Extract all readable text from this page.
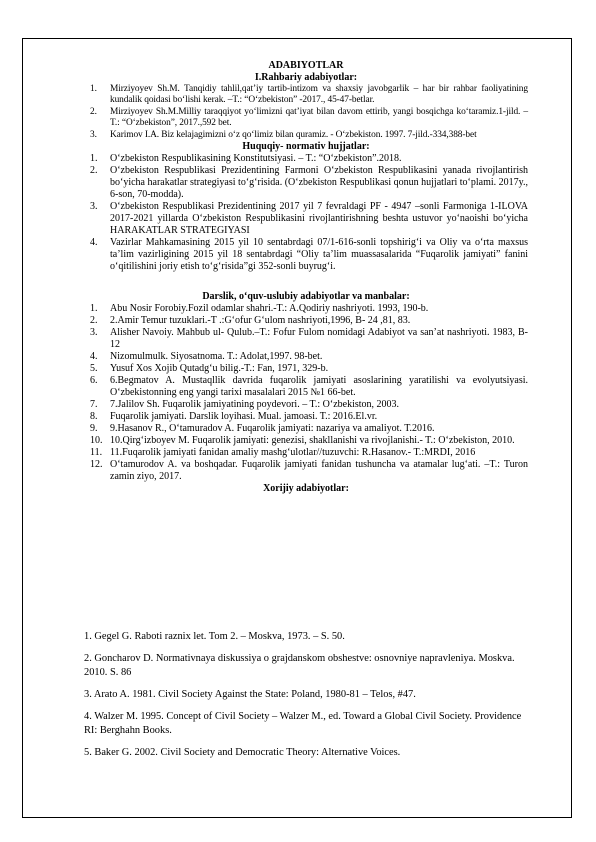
ADABIYOTLAR
I.Rahbariy adabiyotlar:
1. Mirziyoyev Sh.M. Tanqidiy tahlil,qat’iy tartib-intizom va shaxsiy javobgarlik – har bir rahbar faoliyatining kundalik qoidasi bo‘lishi kerak. –T.: “O‘zbekiston” -2017., 45-47-betlar.
2. Mirziyoyev Sh.M.Milliy taraqqiyot yo‘limizni qat’iyat bilan davom ettirib, yangi bosqichga ko‘taramiz.1-jild. – T.: “O‘zbekiston”, 2017.,592 bet.
3. Karimov I.A. Biz kelajagimizni o‘z qo‘limiz bilan quramiz. - O‘zbekiston. 1997. 7-jild.-334,388-bet
Huquqiy- normativ hujjatlar:
1. O‘zbekiston Respublikasining Konstitutsiyasi. – T.: “O‘zbekiston”.2018.
2. O‘zbekiston Respublikasi Prezidentining Farmoni O‘zbekiston Respublikasini yanada rivojlantirish bo‘yicha harakatlar strategiyasi to‘g‘risida. (O‘zbekiston Respublikasi qonun hujjatlari to‘plami. 2017y., 6-son, 70-modda).
3. O‘zbekiston Respublikasi Prezidentining 2017 yil 7 fevraldagi PF - 4947 –sonli Farmoniga 1-ILOVA 2017-2021 yillarda O‘zbekiston Respublikasini rivojlantirishning beshta ustuvor yo‘naoishi bo‘yicha HARAKATLAR STRATEGIYASI
4. Vazirlar Mahkamasining 2015 yil 10 sentabrdagi 07/1-616-sonli topshirig‘i va Oliy va o‘rta maxsus ta’lim vazirligining 2015 yil 18 sentabrdagi “Oliy ta’lim muassasalarida “Fuqarolik jamiyati” fanini o‘qitilishini joriy etish to‘g‘risida”gi 352-sonli buyrug‘i.
Darslik, o‘quv-uslubiy adabiyotlar va manbalar:
1. Abu Nosir Forobiy.Fozil odamlar shahri.-T.: A.Qodiriy nashriyoti. 1993, 190-b.
2. 2.Amir Temur tuzuklari.-T .:G‘ofur G‘ulom nashriyoti,1996, B- 24 ,81, 83.
3. Alisher Navoiy. Mahbub ul- Qulub.–T.: Fofur Fulom nomidagi Adabiyot va san’at nashriyoti. 1983, B-12
4. Nizomulmulk. Siyosatnoma. T.: Adolat,1997. 98-bet.
5. Yusuf Xos Xojib Qutadg‘u bilig.-T.: Fan, 1971, 329-b.
6. 6.Begmatov A. Mustaqllik davrida fuqarolik jamiyati asoslarining yaratilishi va evolyutsiyasi. O‘zbekistonning eng yangi tarixi masalalari 2015 №1 66-bet.
7. 7.Jalilov Sh. Fuqarolik jamiyatining poydevori. – T.: O‘zbekiston, 2003.
8. Fuqarolik jamiyati. Darslik loyihasi. Mual. jamoasi. T.: 2016.El.vr.
9. 9.Hasanov R., O‘tamuradov A. Fuqarolik jamiyati: nazariya va amaliyot. T.2016.
10. 10.Qirg‘izboyev M. Fuqarolik jamiyati: genezisi, shakllanishi va rivojlanishi.- T.: O‘zbekiston, 2010.
11. 11.Fuqarolik jamiyati fanidan amaliy mashg‘ulotlar//tuzuvchi: R.Hasanov.- T.:MRDI, 2016
12. O‘tamurodov A. va boshqadar. Fuqarolik jamiyati fanidan tushuncha va atamalar lug‘ati. –T.: Turon zamin ziyo, 2017.
Xorijiy adabiyotlar:

1. Gegel G. Raboti raznix let. Tom 2. – Moskva, 1973. – S. 50.

2. Goncharov D. Normativnaya diskussiya o grajdanskom obshestve: osnovniye napravleniya. Moskva. 2010. S. 86

3. Arato A. 1981. Civil Society Against the State: Poland, 1980-81 – Telos, #47.

4. Walzer M. 1995. Concept of Civil Society – Walzer M., ed. Toward a Global Civil Society. Providence RI: Berghahn Books.

5. Baker G. 2002. Civil Society and Democratic Theory: Alternative Voices.
